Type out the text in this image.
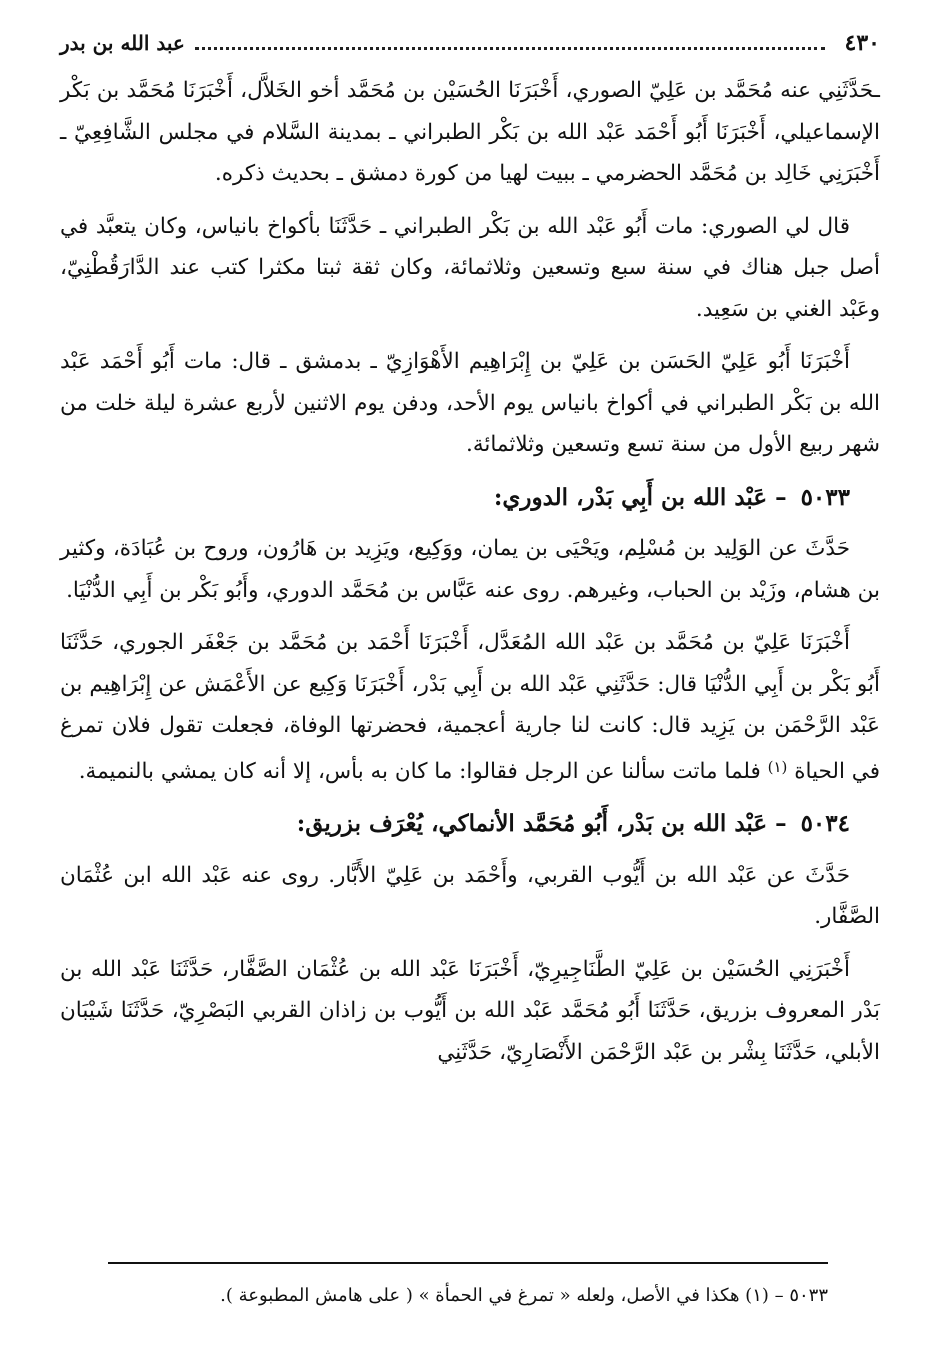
٤٣٠
عبد الله بن بدر

ـحَدَّثَنِي عنه مُحَمَّد بن عَلِيّ الصوري، أَخْبَرَنَا الحُسَيْن بن مُحَمَّد أخو الخَلاَّل، أَخْبَرَنَا مُحَمَّد بن بَكْر الإسماعيلي، أَخْبَرَنَا أَبُو أَحْمَد عَبْد الله بن بَكْر الطبراني ـ بمدينة السَّلام في مجلس الشَّافِعِيّ ـ أَخْبَرَنِي خَالِد بن مُحَمَّد الحضرمي ـ ببيت لهيا من كورة دمشق ـ بحديث ذكره.

قال لي الصوري: مات أَبُو عَبْد الله بن بَكْر الطبراني ـ حَدَّثَنَا بأكواخ بانياس، وكان يتعبَّد في أصل جبل هناك في سنة سبع وتسعين وثلاثمائة، وكان ثقة ثبتا مكثرا كتب عند الدَّارَقُطْنِيّ، وعَبْد الغني بن سَعِيد.

أَخْبَرَنَا أَبُو عَلِيّ الحَسَن بن عَلِيّ بن إِبْرَاهِيم الأَهْوَازِيّ ـ بدمشق ـ قال: مات أَبُو أَحْمَد عَبْد الله بن بَكْر الطبراني في أكواخ بانياس يوم الأحد، ودفن يوم الاثنين لأربع عشرة ليلة خلت من شهر ربيع الأول من سنة تسع وتسعين وثلاثمائة.

٥٠٣٣– عَبْد الله بن أَبِي بَدْر، الدوري:

حَدَّثَ عن الوَلِيد بن مُسْلِم، ويَحْيَى بن يمان، ووَكِيع، ويَزِيد بن هَارُون، وروح بن عُبَادَة، وكثير بن هشام، وزَيْد بن الحباب، وغيرهم. روى عنه عَبَّاس بن مُحَمَّد الدوري، وأَبُو بَكْر بن أَبِي الدُّنْيَا.

أَخْبَرَنَا عَلِيّ بن مُحَمَّد بن عَبْد الله المُعَدَّل، أَخْبَرَنَا أَحْمَد بن مُحَمَّد بن جَعْفَر الجوري، حَدَّثَنَا أَبُو بَكْر بن أَبِي الدُّنْيَا قال: حَدَّثَنِي عَبْد الله بن أَبِي بَدْر، أَخْبَرَنَا وَكِيع عن الأَعْمَش عن إِبْرَاهِيم بن عَبْد الرَّحْمَن بن يَزِيد قال: كانت لنا جارية أعجمية، فحضرتها الوفاة، فجعلت تقول فلان تمرغ في الحياة $^{(١)}$ فلما ماتت سألنا عن الرجل فقالوا: ما كان به بأس، إلا أنه كان يمشي بالنميمة.

٥٠٣٤– عَبْد الله بن بَدْر، أَبُو مُحَمَّد الأنماكي، يُعْرَف بزريق:

حَدَّثَ عن عَبْد الله بن أَيُّوب القربي، وأَحْمَد بن عَلِيّ الأَبَّار. روى عنه عَبْد الله ابن عُثْمَان الصَّفَّار.

أَخْبَرَنِي الحُسَيْن بن عَلِيّ الطَّنَاجِيرِيّ، أَخْبَرَنَا عَبْد الله بن عُثْمَان الصَّفَّار، حَدَّثَنَا عَبْد الله بن بَدْر المعروف بزريق، حَدَّثَنَا أَبُو مُحَمَّد عَبْد الله بن أَيُّوب بن زاذان القربي البَصْرِيّ، حَدَّثَنَا شَيْبَان الأبلي، حَدَّثَنَا بِشْر بن عَبْد الرَّحْمَن الأَنْصَارِيّ، حَدَّثَنِي

٥٠٣٣ – (١) هكذا في الأصل، ولعله « تمرغ في الحمأة » ( على هامش المطبوعة ).
